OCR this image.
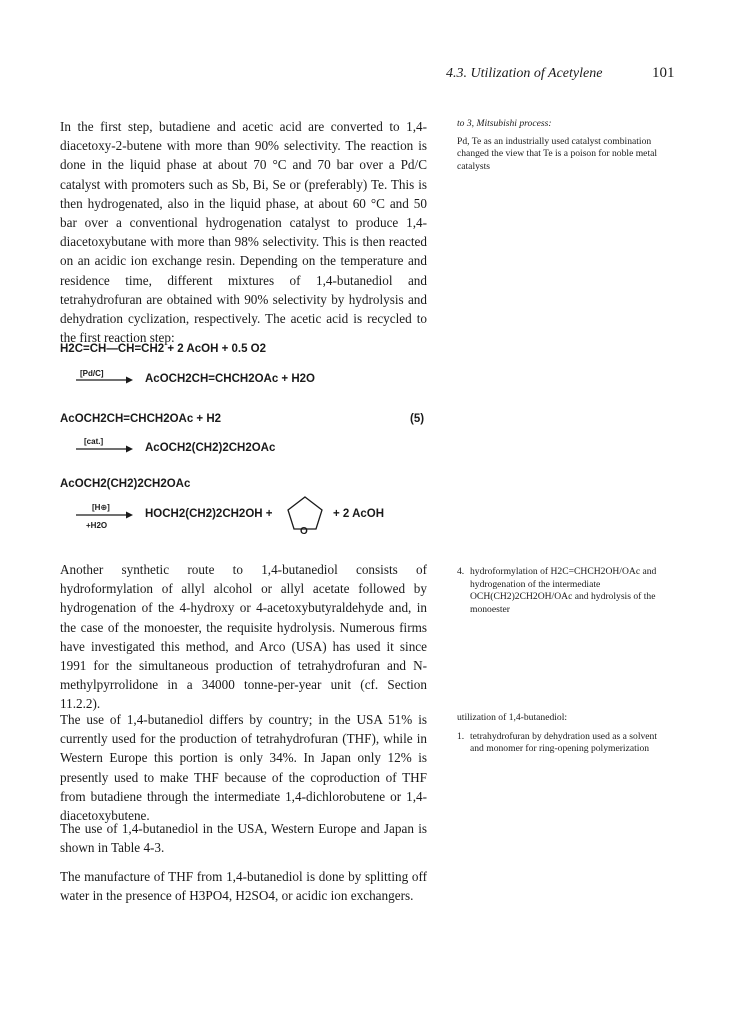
4.3. Utilization of Acetylene	101

In the first step, butadiene and acetic acid are converted to 1,4-diacetoxy-2-butene with more than 90% selectivity. The reaction is done in the liquid phase at about 70 °C and 70 bar over a Pd/C catalyst with promoters such as Sb, Bi, Se or (preferably) Te. This is then hydrogenated, also in the liquid phase, at about 60 °C and 50 bar over a conventional hydrogenation catalyst to produce 1,4-diacetoxybutane with more than 98% selectivity. This is then reacted on an acidic ion exchange resin. Depending on the temperature and residence time, different mixtures of 1,4-butanediol and tetrahydrofuran are obtained with 90% selectivity by hydrolysis and dehydration cyclization, respectively. The acetic acid is recycled to the first reaction step:

H2C=CH—CH=CH2 + 2 AcOH + 0.5 O2
[Pd/C]	AcOCH2CH=CHCH2OAc + H2O
AcOCH2CH=CHCH2OAc + H2	(5)
[cat.]
AcOCH2(CH2)2CH2OAc
AcOCH2(CH2)2CH2OAc
[H⊕]
+H2O
HOCH2(CH2)2CH2OH +
O
+ 2 AcOH

Another synthetic route to 1,4-butanediol consists of hydroformylation of allyl alcohol or allyl acetate followed by hydrogenation of the 4-hydroxy or 4-acetoxybutyraldehyde and, in the case of the monoester, the requisite hydrolysis. Numerous firms have investigated this method, and Arco (USA) has used it since 1991 for the simultaneous production of tetrahydrofuran and N-methylpyrrolidone in a 34000 tonne-per-year unit (cf. Section 11.2.2).

The use of 1,4-butanediol differs by country; in the USA 51% is currently used for the production of tetrahydrofuran (THF), while in Western Europe this portion is only 34%. In Japan only 12% is presently used to make THF because of the coproduction of THF from butadiene through the intermediate 1,4-dichlorobutene or 1,4-diacetoxybutene.

The use of 1,4-butanediol in the USA, Western Europe and Japan is shown in Table 4-3.

The manufacture of THF from 1,4-butanediol is done by splitting off water in the presence of H3PO4, H2SO4, or acidic ion exchangers.

to 3, Mitsubishi process:
Pd, Te as an industrially used catalyst combination changed the view that Te is a poison for noble metal catalysts
4. hydroformylation of H2C=CHCH2OH/OAc and hydrogenation of the intermediate OCH(CH2)2CH2OH/OAc and hydrolysis of the monoester
utilization of 1,4-butanediol:
1. tetrahydrofuran by dehydration used as a solvent and monomer for ring-opening polymerization
